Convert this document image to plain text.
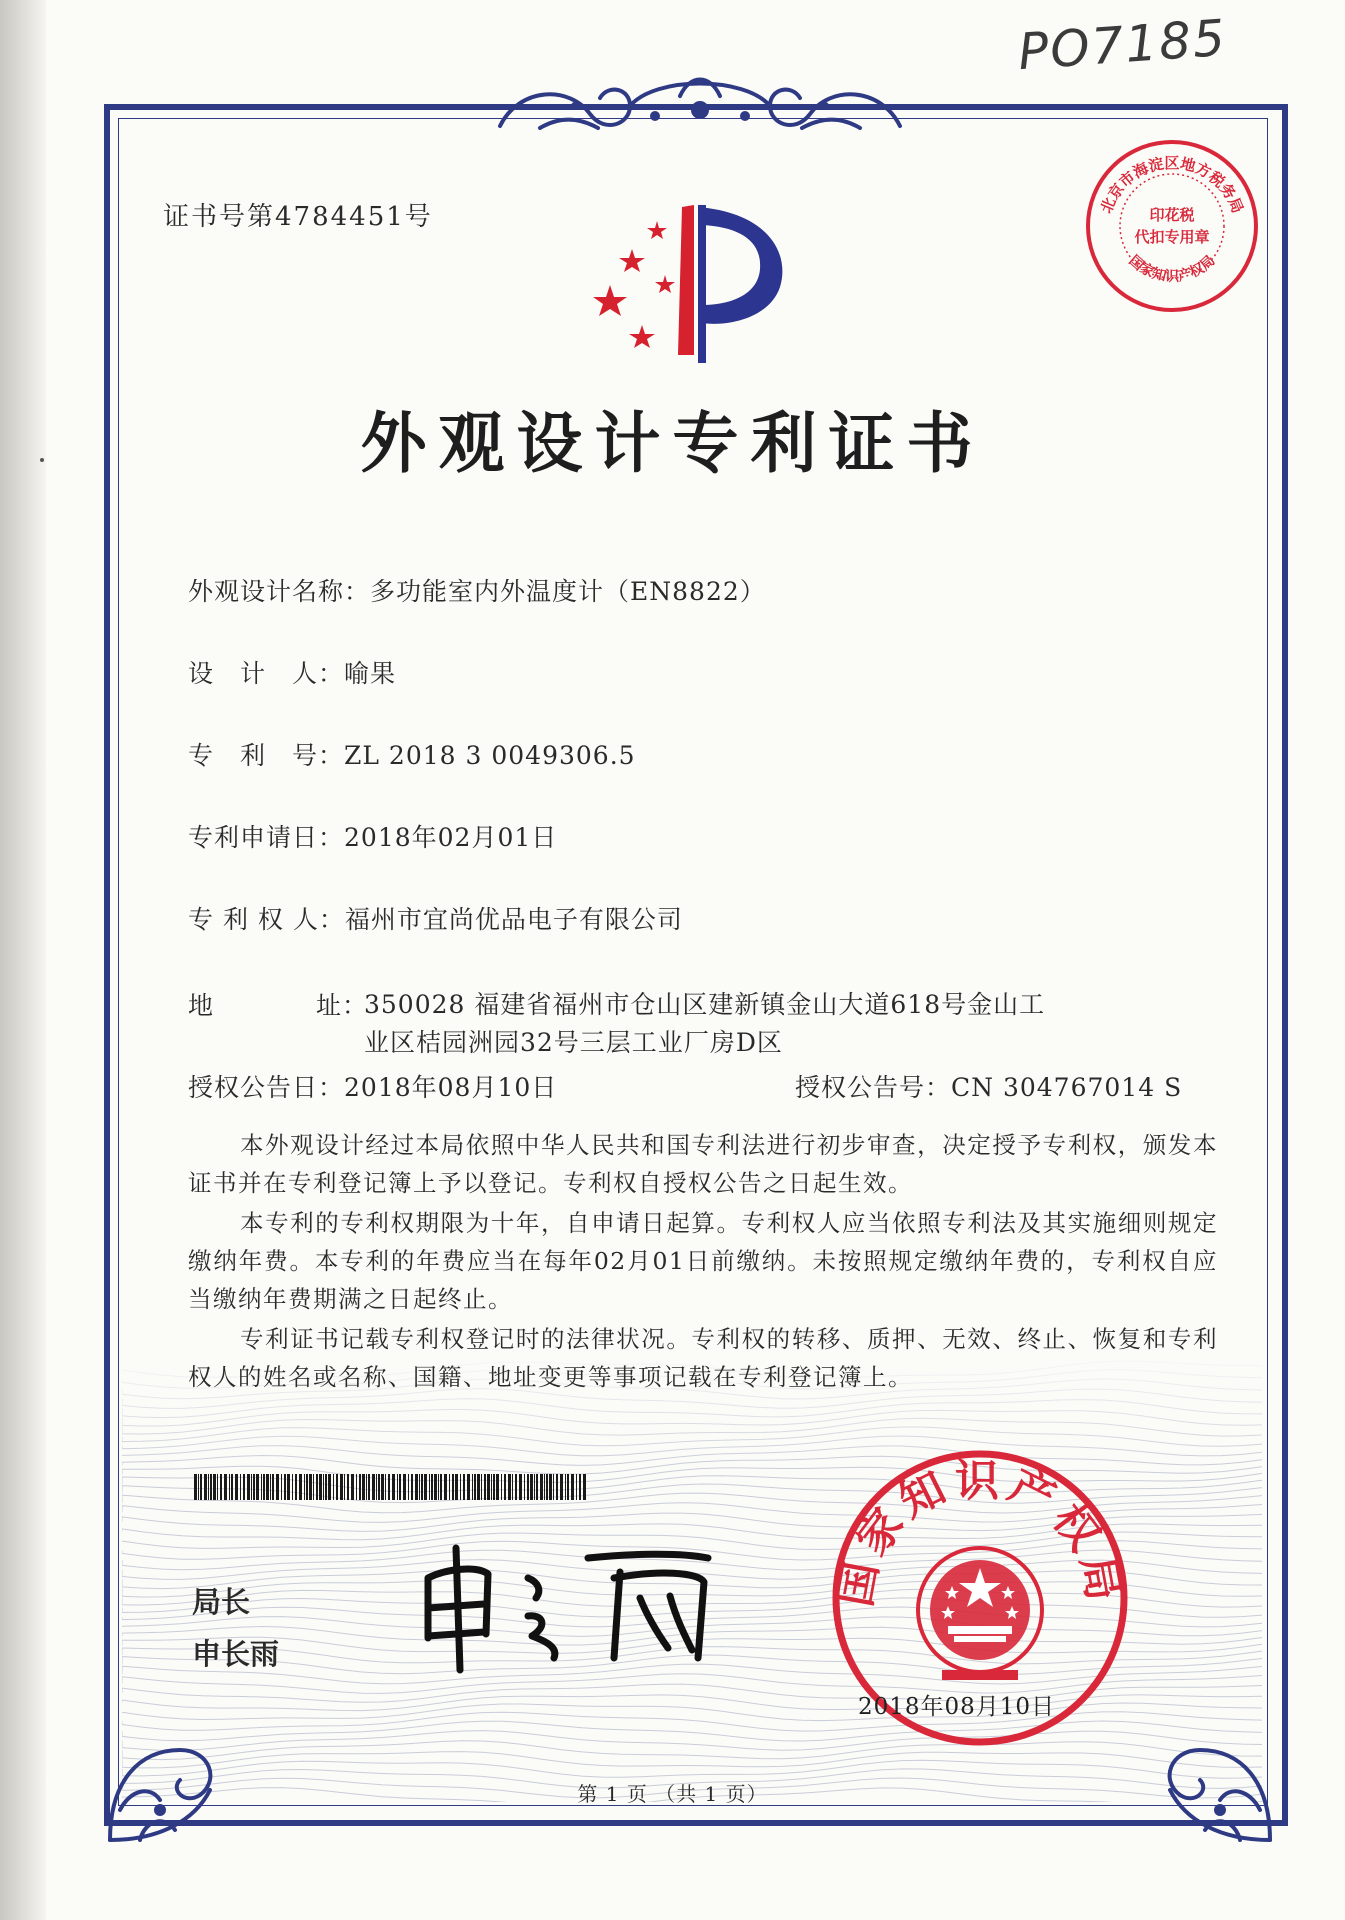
PO7185
证书号第4784451号	北京市海淀区地方税务局
国家知识产权局
印花税
代扣专用章
外观设计专利证书
外观设计名称：多功能室内外温度计（EN8822）
设　计　人：喻果
专　利　号：ZL 2018 3 0049306.5
专利申请日：2018年02月01日
专 利 权 人：福州市宜尚优品电子有限公司
地	址：
350028 福建省福州市仓山区建新镇金山大道618号金山工业区桔园洲园32号三层工业厂房D区
授权公告日：2018年08月10日	授权公告号：CN 304767014 S

本外观设计经过本局依照中华人民共和国专利法进行初步审查，决定授予专利权，颁发本证书并在专利登记簿上予以登记。专利权自授权公告之日起生效。

本专利的专利权期限为十年，自申请日起算。专利权人应当依照专利法及其实施细则规定缴纳年费。本专利的年费应当在每年02月01日前缴纳。未按照规定缴纳年费的，专利权自应当缴纳年费期满之日起终止。

专利证书记载专利权登记时的法律状况。专利权的转移、质押、无效、终止、恢复和专利权人的姓名或名称、国籍、地址变更等事项记载在专利登记簿上。

局长
申长雨
国家知识产权局
2018年08月10日
第 1 页 （共 1 页）
